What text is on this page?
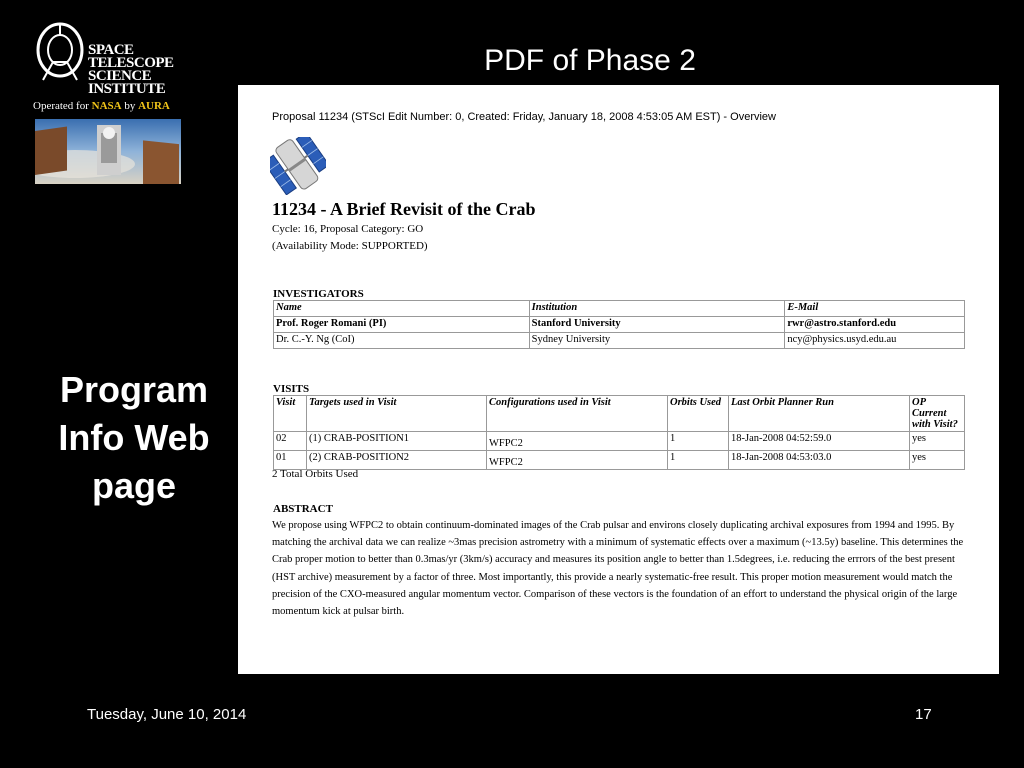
SPACE
TELESCOPE
SCIENCE
INSTITUTE
Operated for NASA by AURA
PDF of Phase 2
Program
Info Web
page
Proposal 11234 (STScI Edit Number: 0, Created: Friday, January 18, 2008 4:53:05 AM EST) - Overview
11234 - A Brief Revisit of the Crab
Cycle: 16, Proposal Category: GO
(Availability Mode: SUPPORTED)
INVESTIGATORS
Name	Institution	E-Mail
Prof. Roger Romani (PI)	Stanford University	rwr@astro.stanford.edu
Dr. C.-Y. Ng (CoI)	Sydney University	ncy@physics.usyd.edu.au
VISITS
Visit	Targets used in Visit	Configurations used in Visit	Orbits Used	Last Orbit Planner Run	OP Current with Visit?
02	(1) CRAB-POSITION1	WFPC2	1	18-Jan-2008 04:52:59.0	yes
01	(2) CRAB-POSITION2	WFPC2	1	18-Jan-2008 04:53:03.0	yes
2 Total Orbits Used
ABSTRACT
We propose using WFPC2 to obtain continuum-dominated images of the Crab pulsar and environs closely duplicating archival exposures from 1994 and 1995. By matching the archival data we can realize ~3mas precision astrometry with a minimum of systematic effects over a maximum (~13.5y) baseline. This determines the Crab proper motion to better than 0.3mas/yr (3km/s) accuracy and measures its position angle to better than 1.5degrees, i.e. reducing the errrors of the best present (HST archive) measurement by a factor of three. Most importantly, this provide a nearly systematic-free result. This proper motion measurement would match the precision of the CXO-measured angular momentum vector. Comparison of these vectors is the foundation of an effort to understand the physical origin of the large momentum kick at pulsar birth.
Tuesday, June 10, 2014	17
